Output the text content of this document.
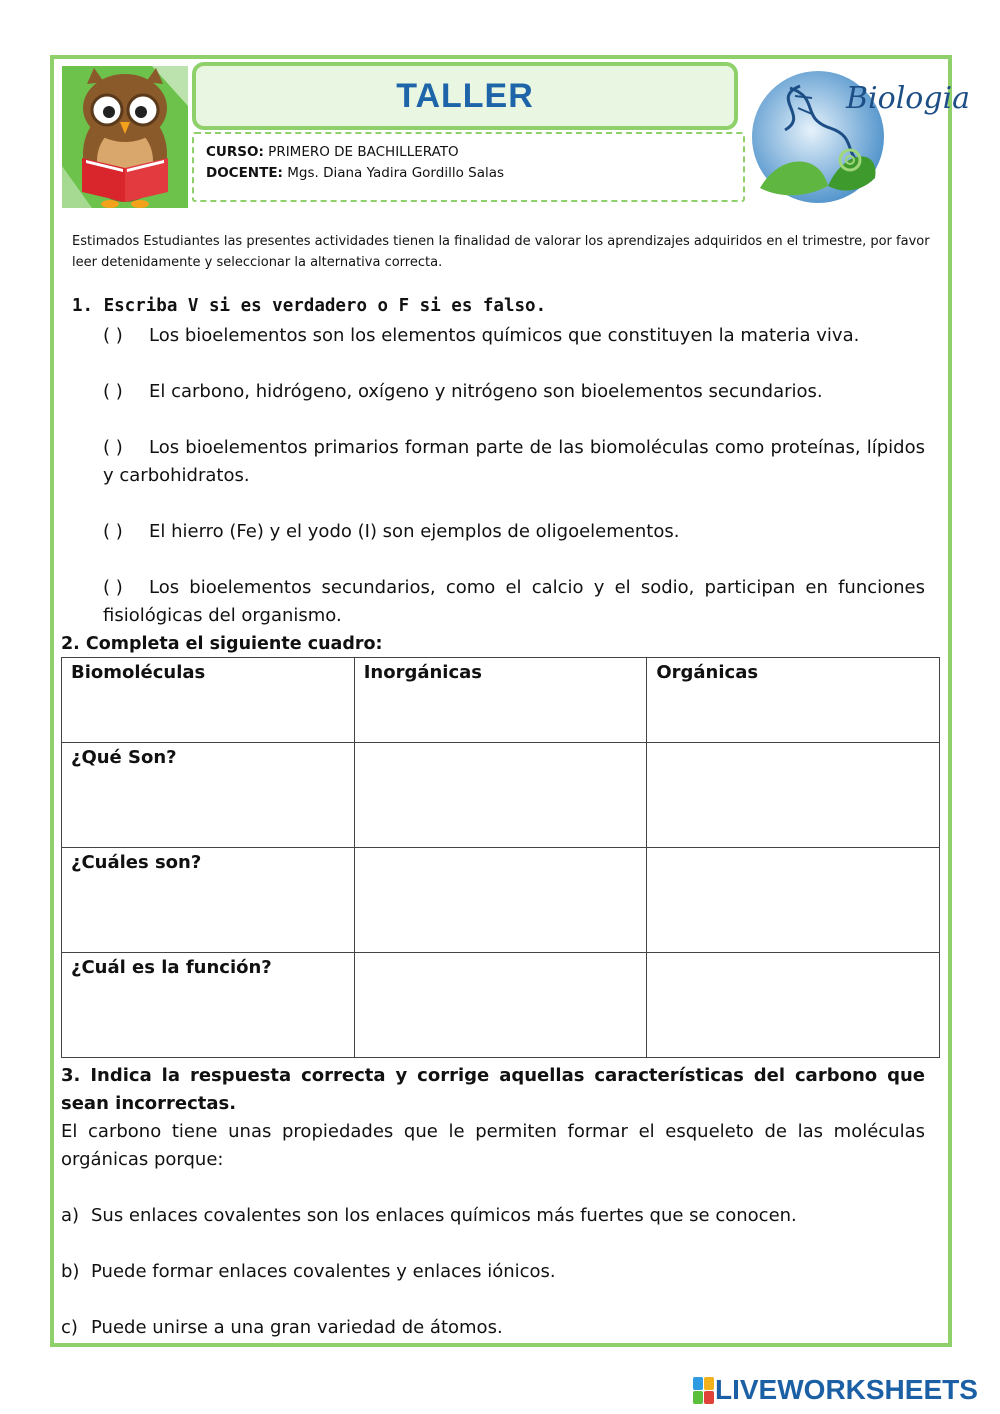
TALLER
CURSO: PRIMERO DE BACHILLERATO
DOCENTE: Mgs. Diana Yadira Gordillo Salas
Biologia

Estimados Estudiantes las presentes actividades tienen la finalidad de valorar los aprendizajes adquiridos en el trimestre, por favor leer detenidamente y seleccionar la alternativa correcta.

1. Escriba V si es verdadero o F si es falso.
( ) Los bioelementos son los elementos químicos que constituyen la materia viva.
( ) El carbono, hidrógeno, oxígeno y nitrógeno son bioelementos secundarios.
( ) Los bioelementos primarios forman parte de las biomoléculas como proteínas, lípidos y carbohidratos.
( ) El hierro (Fe) y el yodo (I) son ejemplos de oligoelementos.
( ) Los bioelementos secundarios, como el calcio y el sodio, participan en funciones fisiológicas del organismo.
2. Completa el siguiente cuadro:
Biomoléculas	Inorgánicas	Orgánicas
¿Qué Son?		
¿Cuáles son?		
¿Cuál es la función?		
3. Indica la respuesta correcta y corrige aquellas características del carbono que sean incorrectas.
El carbono tiene unas propiedades que le permiten formar el esqueleto de las moléculas orgánicas porque:
a) Sus enlaces covalentes son los enlaces químicos más fuertes que se conocen.
b) Puede formar enlaces covalentes y enlaces iónicos.
c) Puede unirse a una gran variedad de átomos.
LIVEWORKSHEETS
